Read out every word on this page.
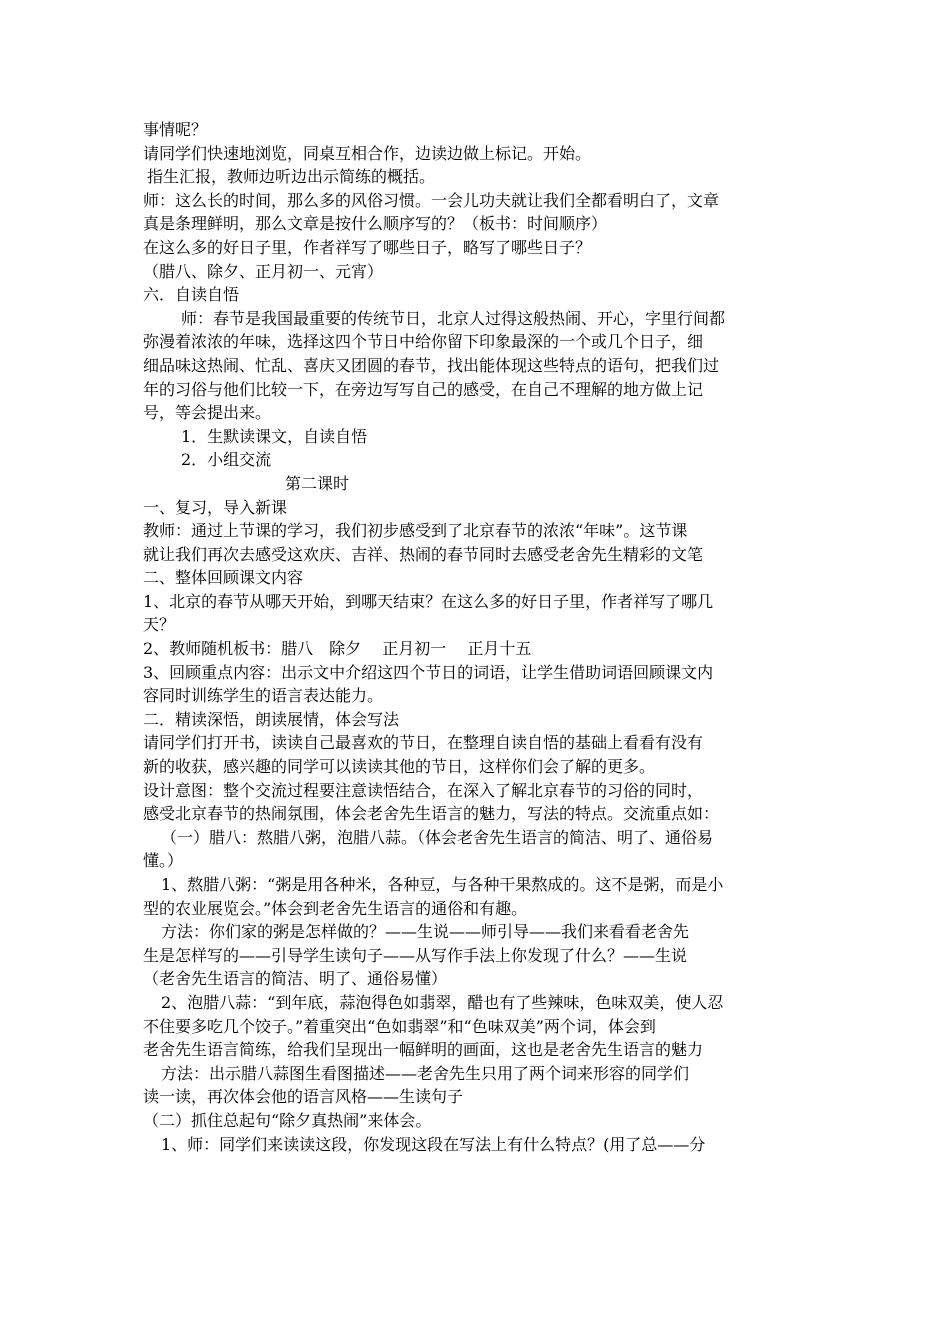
事情呢？

请同学们快速地浏览，同桌互相合作，边读边做上标记。开始。

指生汇报，教师边听边出示简练的概括。

师：这么长的时间，那么多的风俗习惯。一会儿功夫就让我们全都看明白了，文章

真是条理鲜明，那么文章是按什么顺序写的？（板书：时间顺序）

在这么多的好日子里，作者祥写了哪些日子，略写了哪些日子？

（腊八、除夕、正月初一、元宵）

六．自读自悟

师：春节是我国最重要的传统节日，北京人过得这般热闹、开心，字里行间都

弥漫着浓浓的年味，选择这四个节日中给你留下印象最深的一个或几个日子，细

细品味这热闹、忙乱、喜庆又团圆的春节，找出能体现这些特点的语句，把我们过

年的习俗与他们比较一下，在旁边写写自己的感受，在自己不理解的地方做上记

号，等会提出来。

1．生默读课文，自读自悟

2．小组交流

第二课时

一、复习，导入新课

教师：通过上节课的学习，我们初步感受到了北京春节的浓浓“年味”。这节课

就让我们再次去感受这欢庆、吉祥、热闹的春节同时去感受老舍先生精彩的文笔

二、整体回顾课文内容

1、北京的春节从哪天开始，到哪天结束？在这么多的好日子里，作者祥写了哪几

天？

2、教师随机板书：腊八　除夕　 正月初一　 正月十五

3、回顾重点内容：出示文中介绍这四个节日的词语，让学生借助词语回顾课文内

容同时训练学生的语言表达能力。

二．精读深悟，朗读展情，体会写法

请同学们打开书，读读自己最喜欢的节日，在整理自读自悟的基础上看看有没有

新的收获，感兴趣的同学可以读读其他的节日，这样你们会了解的更多。

设计意图：整个交流过程要注意读悟结合，在深入了解北京春节的习俗的同时，

感受北京春节的热闹氛围，体会老舍先生语言的魅力，写法的特点。交流重点如：

（一）腊八：熬腊八粥，泡腊八蒜。（体会老舍先生语言的简洁、明了、通俗易

懂。）

1、熬腊八粥：“粥是用各种米，各种豆，与各种干果熬成的。这不是粥，而是小

型的农业展览会。”体会到老舍先生语言的通俗和有趣。

方法：你们家的粥是怎样做的？——生说——师引导——我们来看看老舍先

生是怎样写的——引导学生读句子——从写作手法上你发现了什么？——生说

（老舍先生语言的简洁、明了、通俗易懂）

2、泡腊八蒜：“到年底，蒜泡得色如翡翠，醋也有了些辣味，色味双美，使人忍

不住要多吃几个饺子。”着重突出“色如翡翠”和“色味双美”两个词，体会到

老舍先生语言简练，给我们呈现出一幅鲜明的画面，这也是老舍先生语言的魅力

方法：出示腊八蒜图生看图描述——老舍先生只用了两个词来形容的同学们

读一读，再次体会他的语言风格——生读句子

（二）抓住总起句“除夕真热闹”来体会。

1、师：同学们来读读这段，你发现这段在写法上有什么特点？(用了总——分
